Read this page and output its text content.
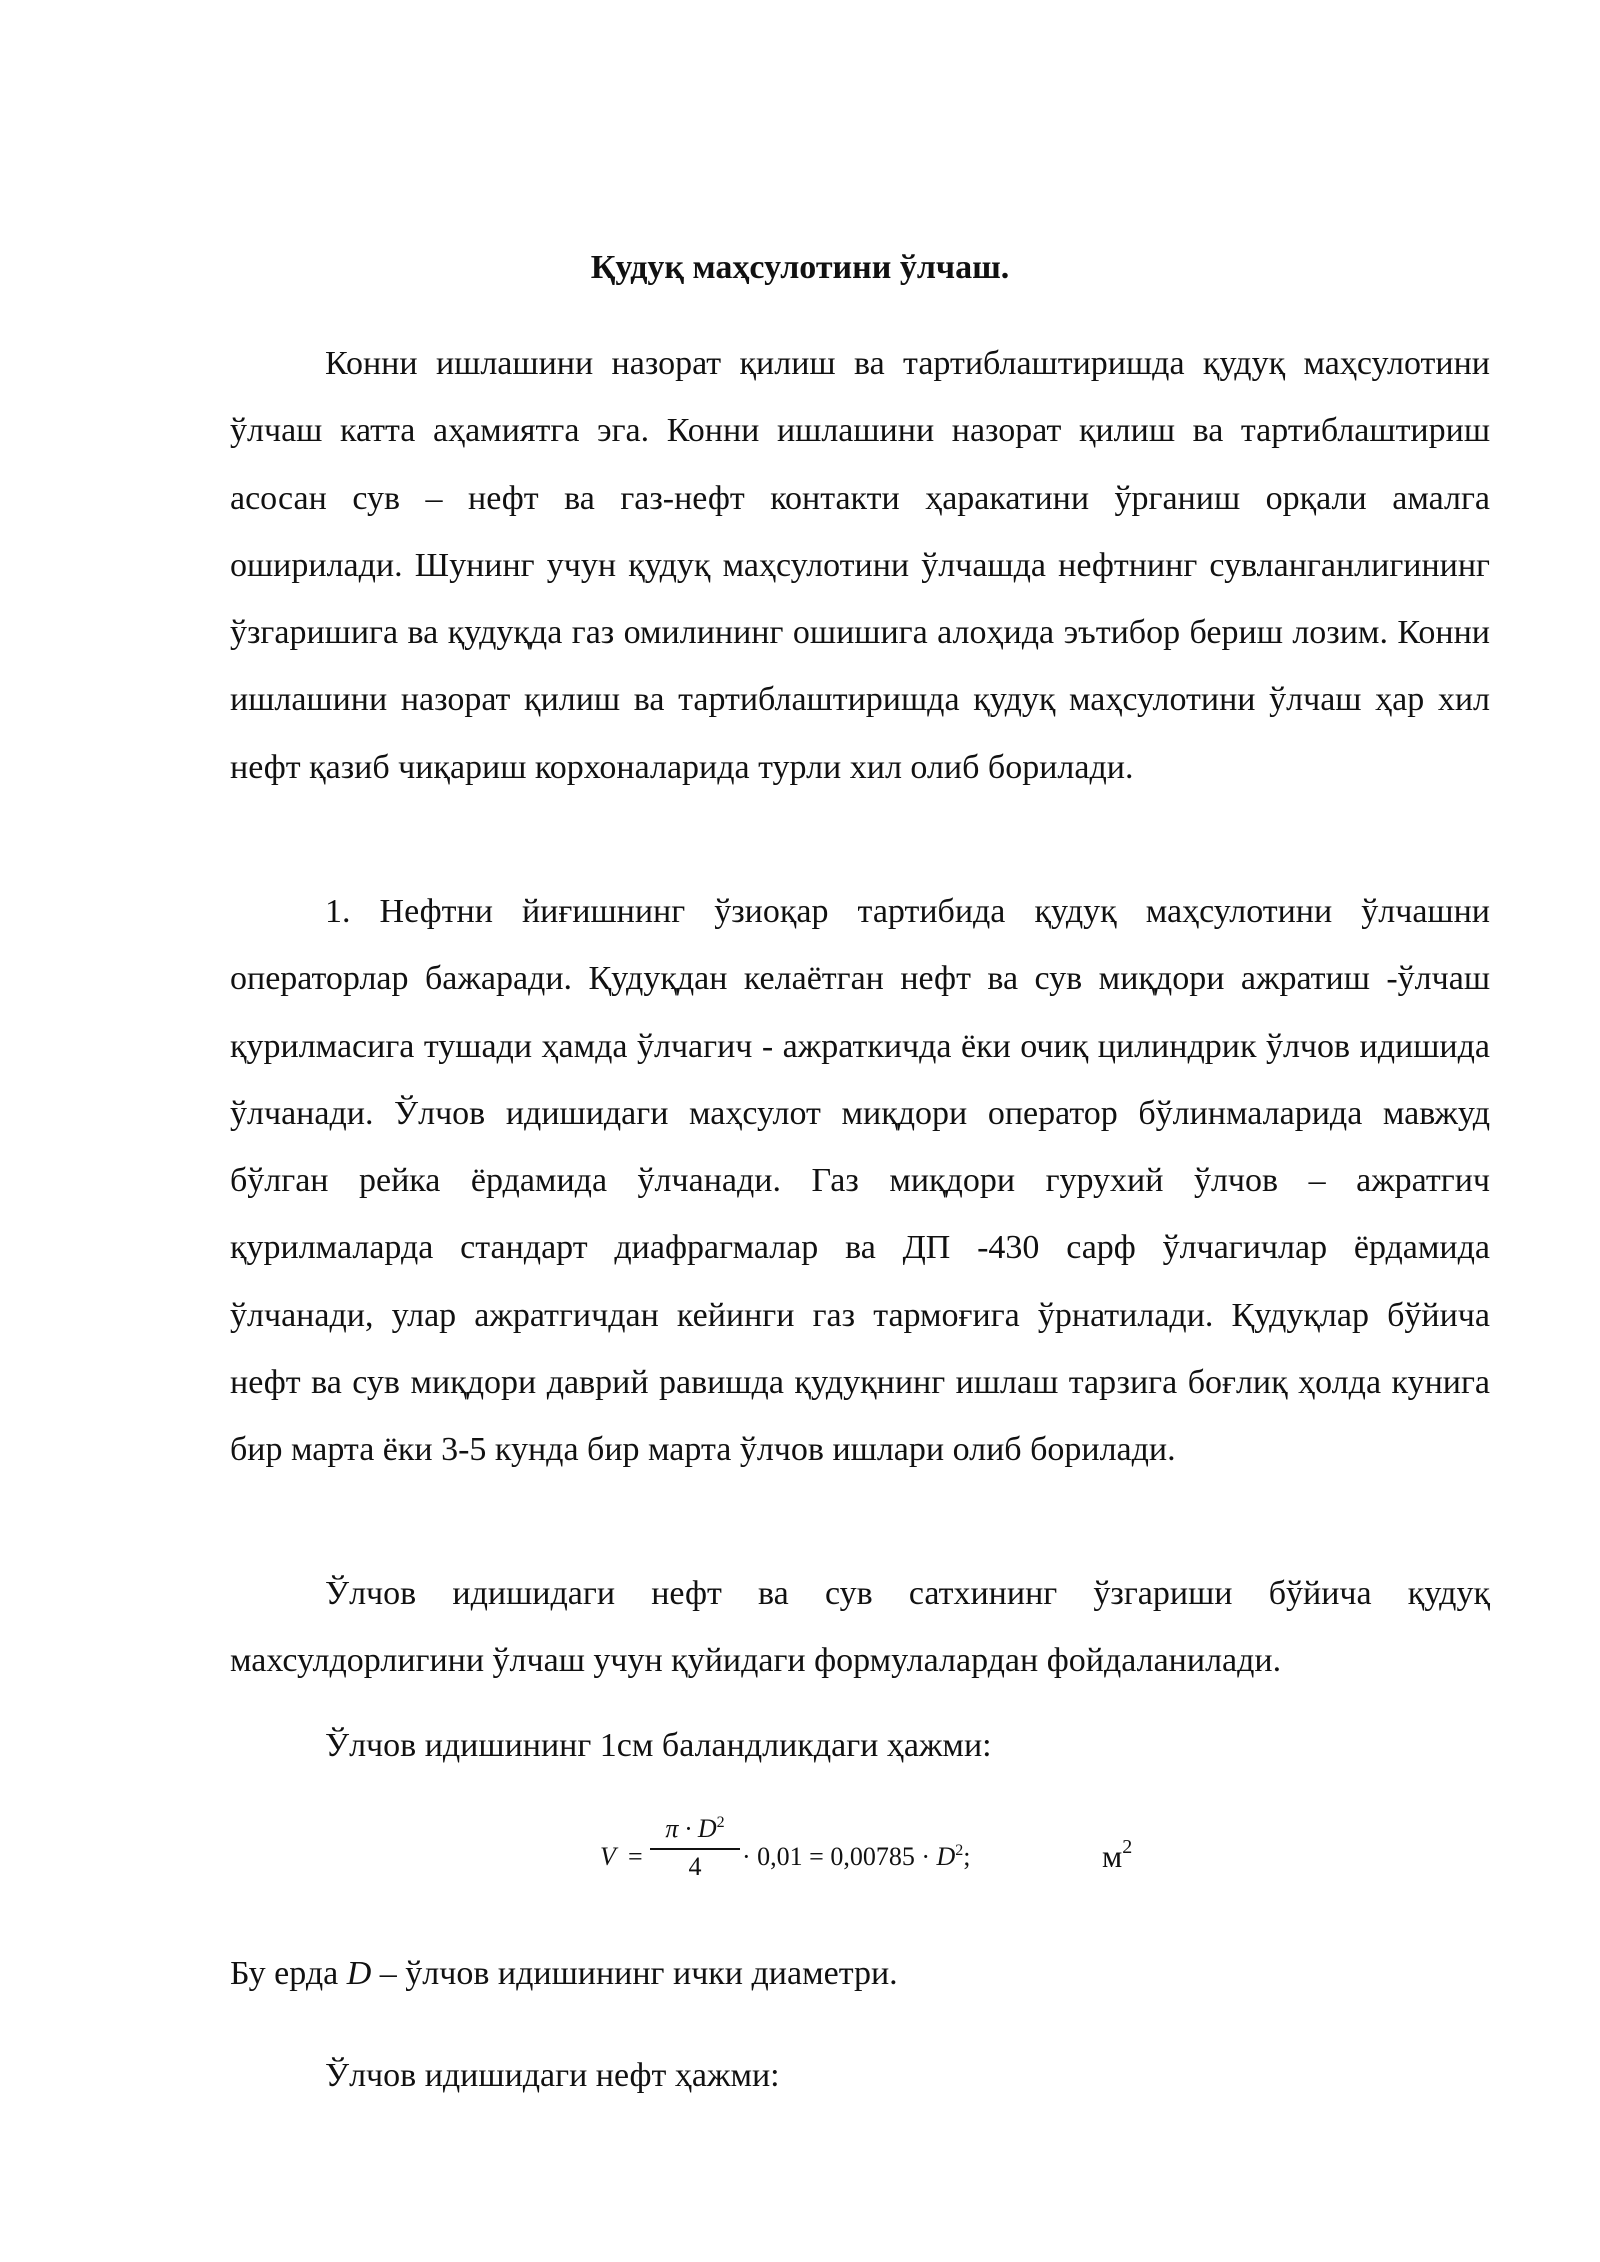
Қудуқ маҳсулотини ўлчаш.

Конни ишлашини назорат қилиш ва тартиблаштиришда қудуқ маҳсулотини ўлчаш катта аҳамиятга эга. Конни ишлашини назорат қилиш ва тартиблаштириш асосан сув – нефт ва газ-нефт контакти ҳаракатини ўрганиш орқали амалга оширилади. Шунинг учун қудуқ маҳсулотини ўлчашда нефтнинг сувланганлигининг ўзгаришига ва қудуқда газ омилининг ошишига алоҳида эътибор бериш лозим. Конни ишлашини назорат қилиш ва тартиблаштиришда қудуқ маҳсулотини ўлчаш ҳар хил нефт қазиб чиқариш корхоналарида турли хил олиб борилади.

1. Нефтни йиғишнинг ўзиоқар тартибида қудуқ маҳсулотини ўлчашни операторлар бажаради. Қудуқдан келаётган нефт ва сув миқдори ажратиш -ўлчаш қурилмасига тушади ҳамда ўлчагич - ажраткичда ёки очиқ цилиндрик ўлчов идишида ўлчанади. Ўлчов идишидаги маҳсулот миқдори оператор бўлинмаларида мавжуд бўлган рейка ёрдамида ўлчанади. Газ миқдори гурухий ўлчов – ажратгич қурилмаларда стандарт диафрагмалар ва ДП -430 сарф ўлчагичлар ёрдамида ўлчанади, улар ажратгичдан кейинги газ тармоғига ўрнатилади. Қудуқлар бўйича нефт ва сув миқдори даврий равишда қудуқнинг ишлаш тарзига боғлиқ ҳолда кунига бир марта ёки 3-5 кунда бир марта ўлчов ишлари олиб борилади.

Ўлчов идишидаги нефт ва сув сатхининг ўзгариши бўйича қудуқ махсулдорлигини ўлчаш учун қуйидаги формулалардан фойдаланилади.

Ўлчов идишининг 1см баландликдаги ҳажми:

V =
$\pi \cdot D^2$
4	· $0,01 = 0,00785 \cdot D^2$;	$м^2$

Бу ерда D – ўлчов идишининг ички диаметри.

Ўлчов идишидаги нефт ҳажми:
